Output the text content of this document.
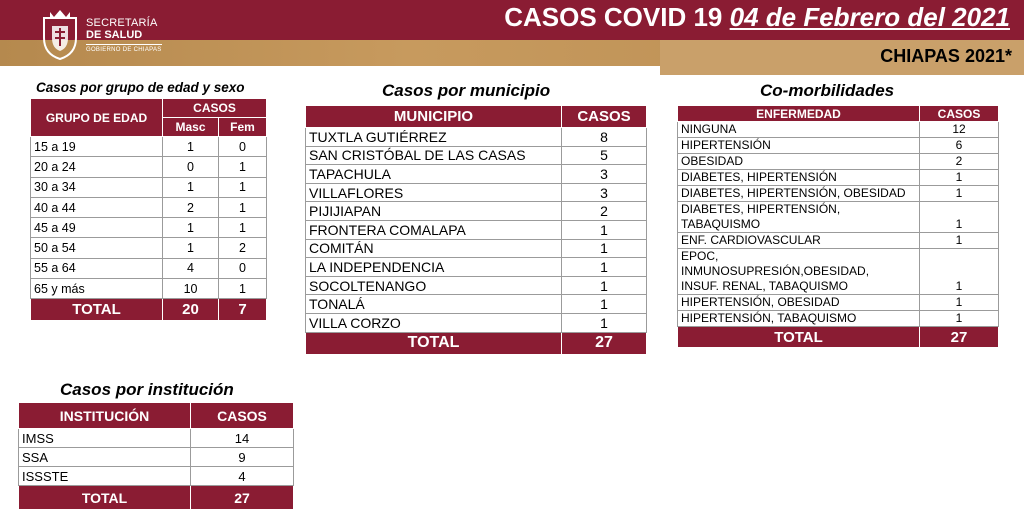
SECRETARÍA
DE SALUD
GOBIERNO DE CHIAPAS
CASOS COVID 19 04 de Febrero del 2021
CHIAPAS 2021*
Casos por grupo de edad y sexo
GRUPO DE EDAD	CASOS	
	Masc	Fem
15 a 19	1	0
20 a 24	0	1
30 a 34	1	1
40 a 44	2	1
45 a 49	1	1
50 a 54	1	2
55 a 64	4	0
65 y más	10	1
TOTAL	20	7
Casos por municipio
MUNICIPIO	CASOS
TUXTLA GUTIÉRREZ	8
SAN CRISTÓBAL DE LAS CASAS	5
TAPACHULA	3
VILLAFLORES	3
PIJIJIAPAN	2
FRONTERA COMALAPA	1
COMITÁN	1
LA INDEPENDENCIA	1
SOCOLTENANGO	1
TONALÁ	1
VILLA CORZO	1
TOTAL	27
Co-morbilidades
ENFERMEDAD	CASOS

NINGUNA	12

HIPERTENSIÓN	6

OBESIDAD	2

DIABETES, HIPERTENSIÓN	1

DIABETES, HIPERTENSIÓN, OBESIDAD	1

DIABETES, HIPERTENSIÓN,
TABAQUISMO	1

ENF. CARDIOVASCULAR	1

EPOC,
INMUNOSUPRESIÓN,OBESIDAD,
INSUF. RENAL, TABAQUISMO	1

HIPERTENSIÓN, OBESIDAD	1

HIPERTENSIÓN, TABAQUISMO	1
TOTAL	27
Casos por institución
INSTITUCIÓN	CASOS
IMSS	14
SSA	9
ISSSTE	4
TOTAL	27
